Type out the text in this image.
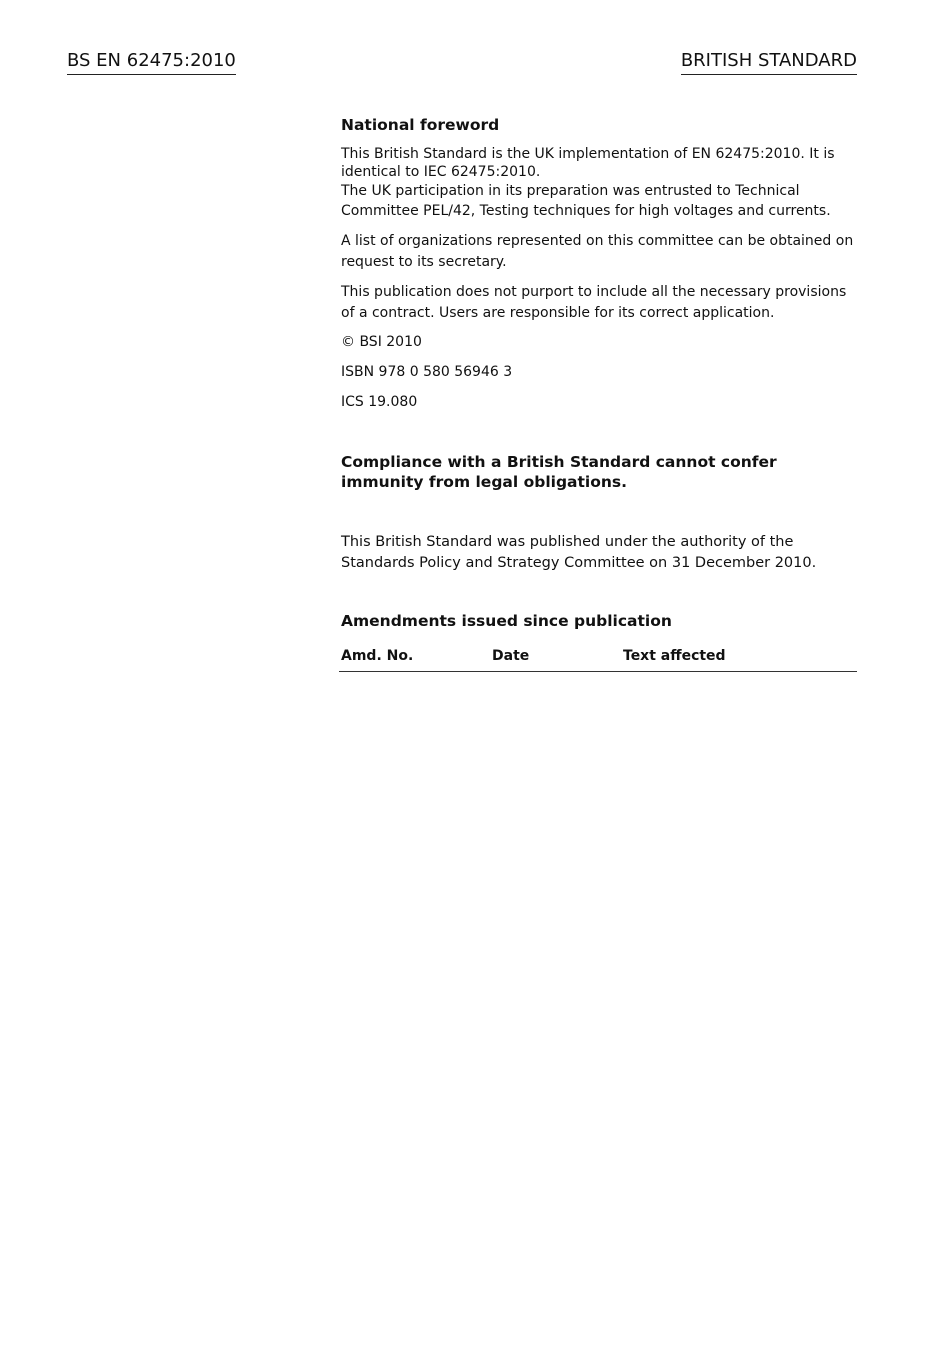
BS EN 62475:2010	BRITISH STANDARD

National foreword

This British Standard is the UK implementation of EN 62475:2010. It is identical to IEC 62475:2010.

The UK participation in its preparation was entrusted to Technical Committee PEL/42, Testing techniques for high voltages and currents.

A list of organizations represented on this committee can be obtained on request to its secretary.

This publication does not purport to include all the necessary provisions of a contract. Users are responsible for its correct application.

© BSI 2010

ISBN 978 0 580 56946 3

ICS 19.080

Compliance with a British Standard cannot confer immunity from legal obligations.

This British Standard was published under the authority of the Standards Policy and Strategy Committee on 31 December 2010.

Amendments issued since publication

Amd. No.	Date	Text affected
